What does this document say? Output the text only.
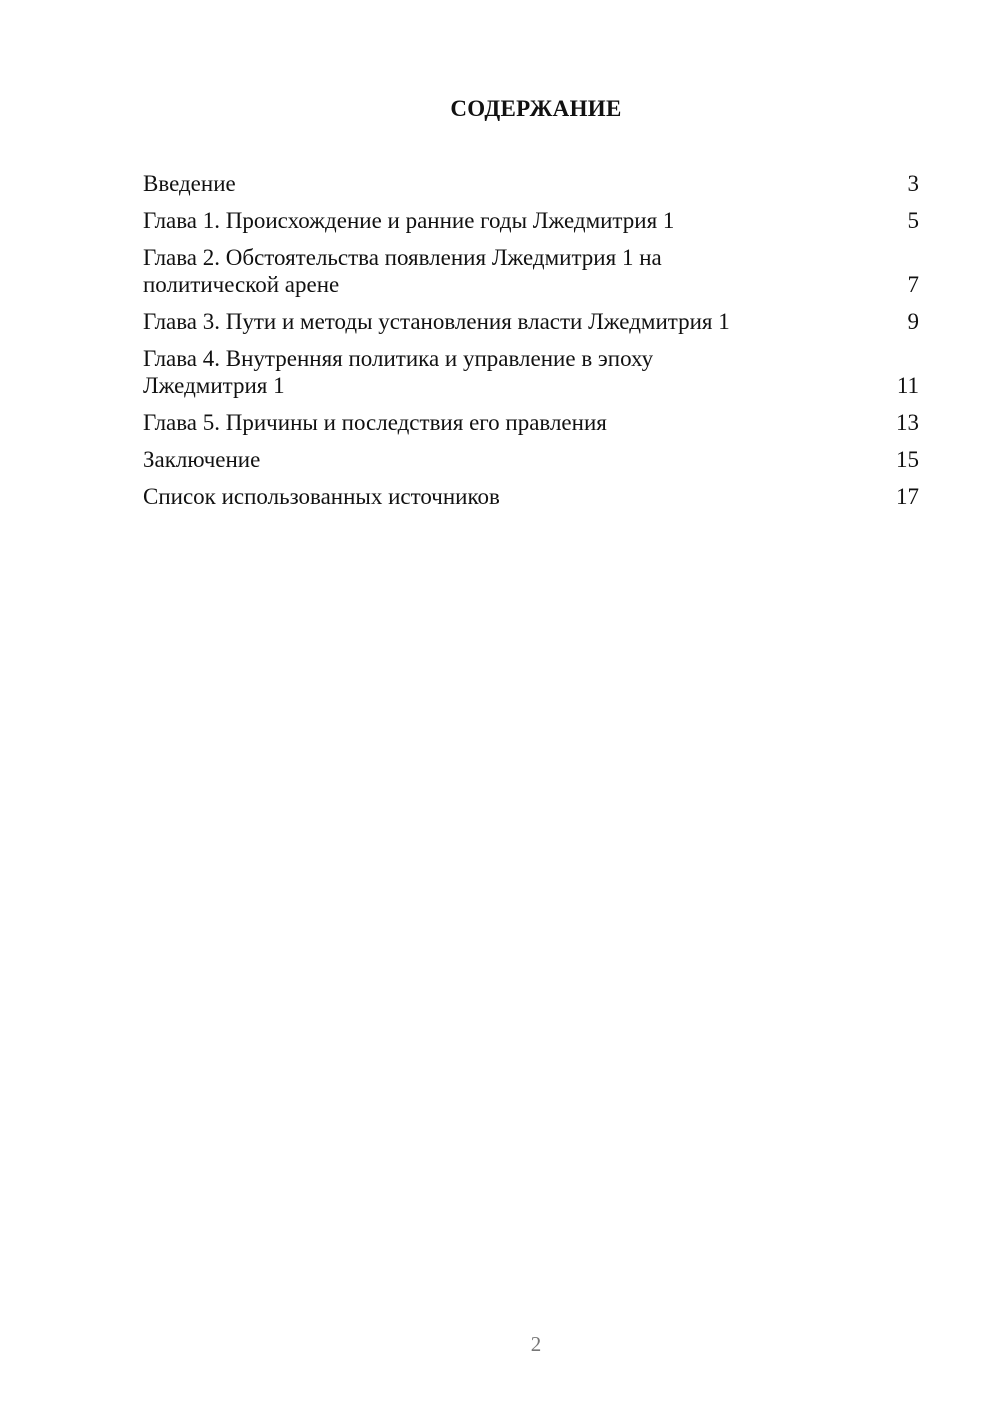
СОДЕРЖАНИЕ
Введение	3
Глава 1. Происхождение и ранние годы Лжедмитрия 1	5
Глава 2. Обстоятельства появления Лжедмитрия 1 на политической арене	7
Глава 3. Пути и методы установления власти Лжедмитрия 1	9
Глава 4. Внутренняя политика и управление в эпоху Лжедмитрия 1	11
Глава 5. Причины и последствия его правления	13
Заключение	15
Список использованных источников	17
2
